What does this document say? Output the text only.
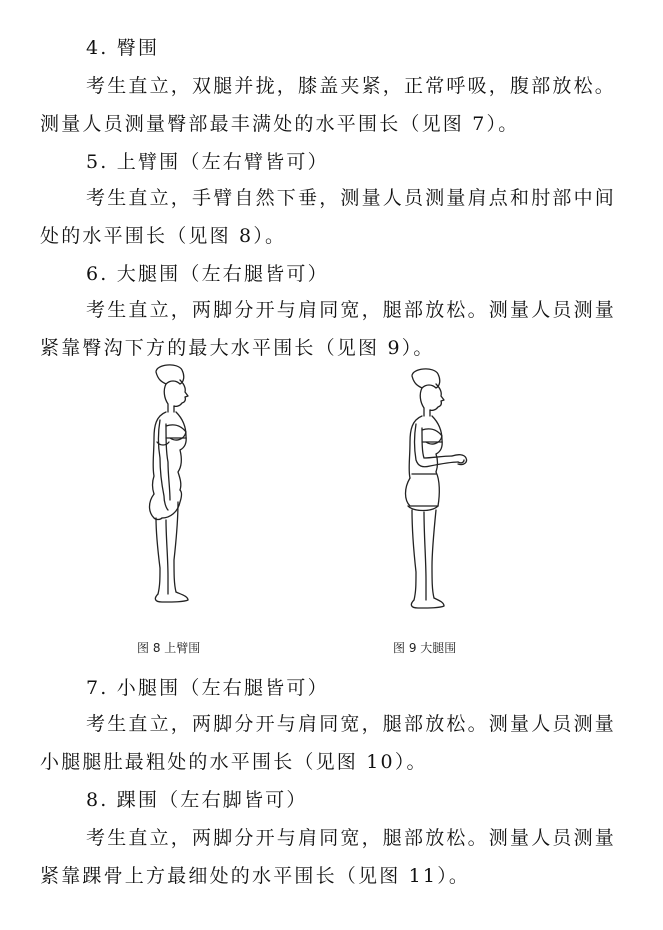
4. 臀围
考生直立，双腿并拢，膝盖夹紧，正常呼吸，腹部放松。
测量人员测量臀部最丰满处的水平围长（见图 7）。
5. 上臂围（左右臂皆可）
考生直立，手臂自然下垂，测量人员测量肩点和肘部中间
处的水平围长（见图 8）。
6. 大腿围（左右腿皆可）
考生直立，两脚分开与肩同宽，腿部放松。测量人员测量
紧靠臀沟下方的最大水平围长（见图 9）。
图 8 上臂围	图 9 大腿围
7. 小腿围（左右腿皆可）
考生直立，两脚分开与肩同宽，腿部放松。测量人员测量
小腿腿肚最粗处的水平围长（见图 10）。
8. 踝围（左右脚皆可）
考生直立，两脚分开与肩同宽，腿部放松。测量人员测量
紧靠踝骨上方最细处的水平围长（见图 11）。
